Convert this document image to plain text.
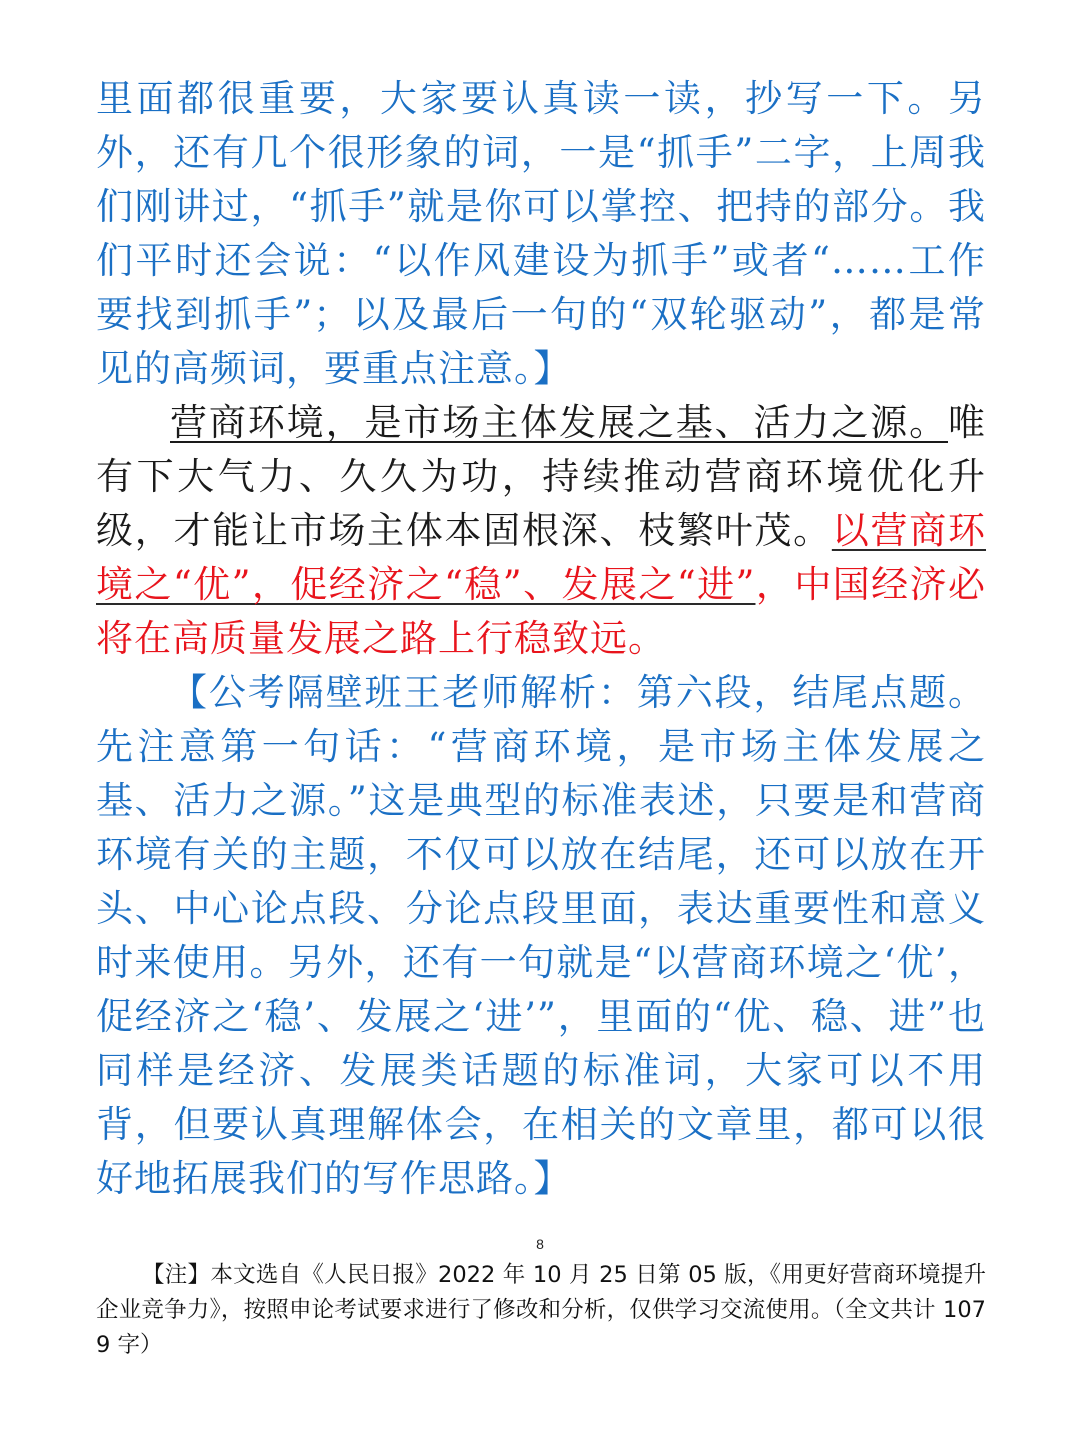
里面都很重要，大家要认真读一读，抄写一下。另外，还有几个很形象的词，一是“抓手”二字，上周我们刚讲过，“抓手”就是你可以掌控、把持的部分。我们平时还会说：“以作风建设为抓手”或者“……工作要找到抓手”；以及最后一句的“双轮驱动”，都是常见的高频词，要重点注意。】

营商环境，是市场主体发展之基、活力之源。唯有下大气力、久久为功，持续推动营商环境优化升级，才能让市场主体本固根深、枝繁叶茂。以营商环境之“优”，促经济之“稳”、发展之“进”，中国经济必将在高质量发展之路上行稳致远。

【公考隔壁班王老师解析：第六段，结尾点题。先注意第一句话：“营商环境，是市场主体发展之基、活力之源。”这是典型的标准表述，只要是和营商环境有关的主题，不仅可以放在结尾，还可以放在开头、中心论点段、分论点段里面，表达重要性和意义时来使用。另外，还有一句就是“以营商环境之‘优’，促经济之‘稳’、发展之‘进’”，里面的“优、稳、进”也同样是经济、发展类话题的标准词，大家可以不用背，但要认真理解体会，在相关的文章里，都可以很好地拓展我们的写作思路。】

8
【注】本文选自《人民日报》2022 年 10 月 25 日第 05 版，《用更好营商环境提升企业竞争力》，按照申论考试要求进行了修改和分析，仅供学习交流使用。（全文共计 1079 字）
